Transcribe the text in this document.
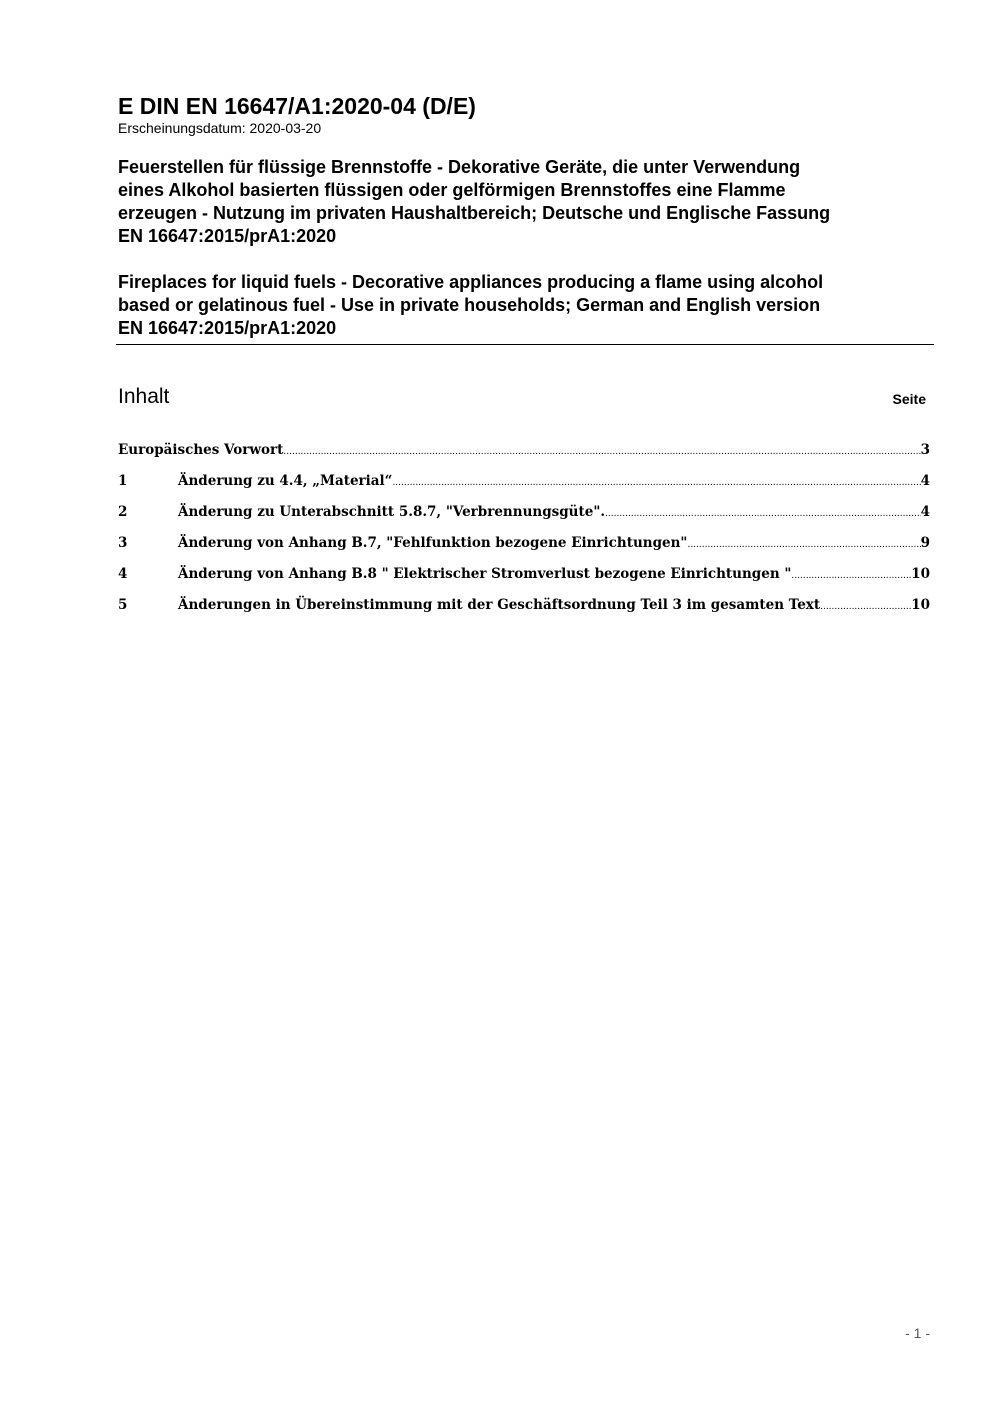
E DIN EN 16647/A1:2020-04 (D/E)

Erscheinungsdatum: 2020-03-20

Feuerstellen für flüssige Brennstoffe - Dekorative Geräte, die unter Verwendung
eines Alkohol basierten flüssigen oder gelförmigen Brennstoffes eine Flamme
erzeugen - Nutzung im privaten Haushaltbereich; Deutsche und Englische Fassung
EN 16647:2015/prA1:2020

Fireplaces for liquid fuels - Decorative appliances producing a flame using alcohol
based or gelatinous fuel - Use in private households; German and English version
EN 16647:2015/prA1:2020

Inhalt	Seite
Europäisches Vorwort .....	3
1	Änderung zu 4.4, „Material“ .....	4
2	Änderung zu Unterabschnitt 5.8.7, "Verbrennungsgüte". .....	4
3	Änderung von Anhang B.7, "Fehlfunktion bezogene Einrichtungen" .....	9
4	Änderung von Anhang B.8 " Elektrischer Stromverlust bezogene Einrichtungen " .....	10
5	Änderungen in Übereinstimmung mit der Geschäftsordnung Teil 3 im gesamten Text .....	10
- 1 -
